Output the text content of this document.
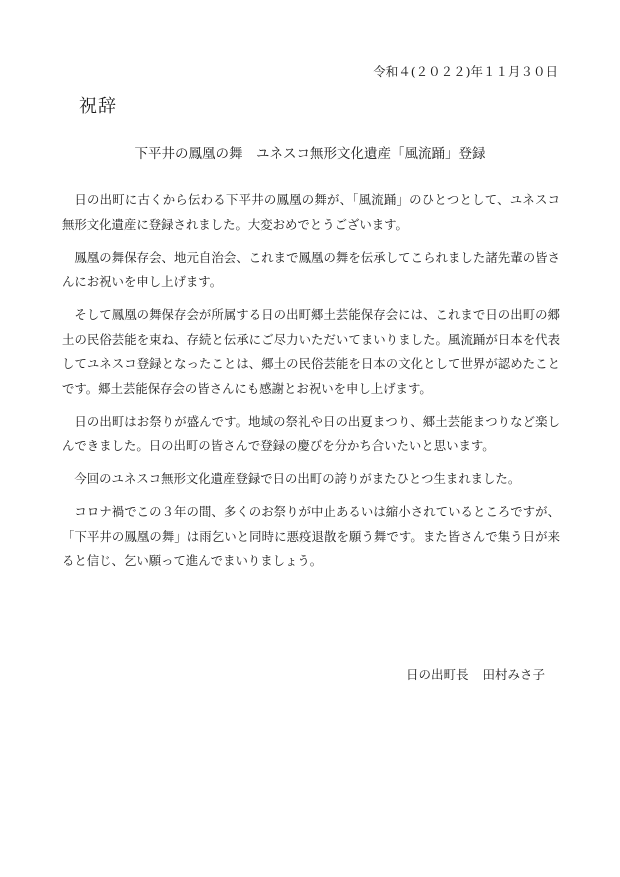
令和４(２０２２)年１１月３０日
祝辞
下平井の鳳凰の舞　ユネスコ無形文化遺産「風流踊」登録

日の出町に古くから伝わる下平井の鳳凰の舞が、「風流踊」のひとつとして、ユネスコ無形文化遺産に登録されました。大変おめでとうございます。

鳳凰の舞保存会、地元自治会、これまで鳳凰の舞を伝承してこられました諸先輩の皆さんにお祝いを申し上げます。

そして鳳凰の舞保存会が所属する日の出町郷土芸能保存会には、これまで日の出町の郷土の民俗芸能を束ね、存続と伝承にご尽力いただいてまいりました。風流踊が日本を代表してユネスコ登録となったことは、郷土の民俗芸能を日本の文化として世界が認めたことです。郷土芸能保存会の皆さんにも感謝とお祝いを申し上げます。

日の出町はお祭りが盛んです。地域の祭礼や日の出夏まつり、郷土芸能まつりなど楽しんできました。日の出町の皆さんで登録の慶びを分かち合いたいと思います。

今回のユネスコ無形文化遺産登録で日の出町の誇りがまたひとつ生まれました。

コロナ禍でこの３年の間、多くのお祭りが中止あるいは縮小されているところですが、「下平井の鳳凰の舞」は雨乞いと同時に悪疫退散を願う舞です。また皆さんで集う日が来ると信じ、乞い願って進んでまいりましょう。

日の出町長 田村みさ子
